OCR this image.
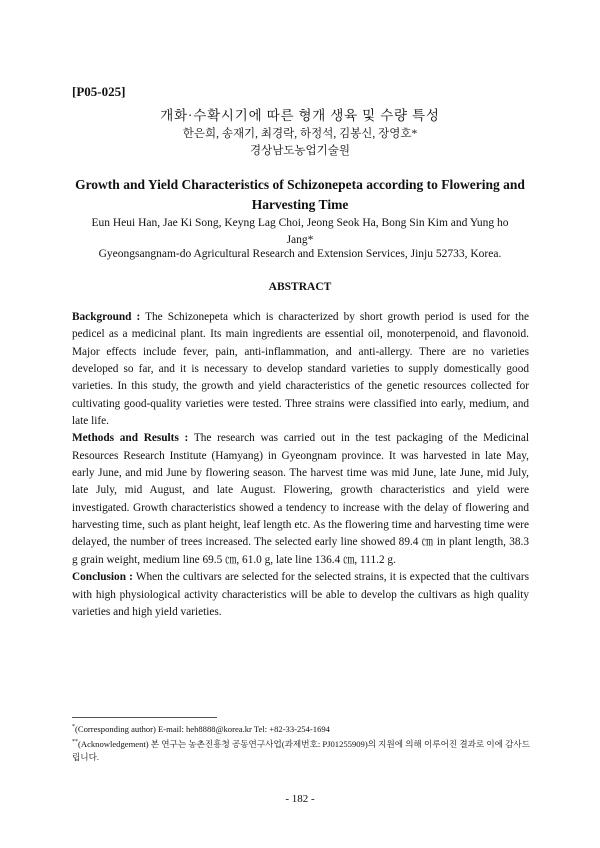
[P05-025]
개화·수확시기에 따른 형개 생육 및 수량 특성
한은희, 송재기, 최경락, 하정석, 김봉신, 장영호*
경상남도농업기술원
Growth and Yield Characteristics of Schizonepeta according to Flowering and Harvesting Time
Eun Heui Han, Jae Ki Song, Keyng Lag Choi, Jeong Seok Ha, Bong Sin Kim and Yung ho
Jang*
Gyeongsangnam-do Agricultural Research and Extension Services, Jinju 52733, Korea.
ABSTRACT

Background : The Schizonepeta which is characterized by short growth period is used for the pedicel as a medicinal plant. Its main ingredients are essential oil, monoterpenoid, and flavonoid. Major effects include fever, pain, anti-inflammation, and anti-allergy. There are no varieties developed so far, and it is necessary to develop standard varieties to supply domestically good varieties. In this study, the growth and yield characteristics of the genetic resources collected for cultivating good-quality varieties were tested. Three strains were classified into early, medium, and late life.

Methods and Results : The research was carried out in the test packaging of the Medicinal Resources Research Institute (Hamyang) in Gyeongnam province. It was harvested in late May, early June, and mid June by flowering season. The harvest time was mid June, late June, mid July, late July, mid August, and late August. Flowering, growth characteristics and yield were investigated. Growth characteristics showed a tendency to increase with the delay of flowering and harvesting time, such as plant height, leaf length etc. As the flowering time and harvesting time were delayed, the number of trees increased. The selected early line showed 89.4 ㎝ in plant length, 38.3 g grain weight, medium line 69.5 ㎝, 61.0 g, late line 136.4 ㎝, 111.2 g.

Conclusion : When the cultivars are selected for the selected strains, it is expected that the cultivars with high physiological activity characteristics will be able to develop the cultivars as high quality varieties and high yield varieties.

*(Corresponding author) E-mail: heh8888@korea.kr Tel: +82-33-254-1694
**(Acknowledgement) 본 연구는 농촌진흥청 공동연구사업(과제번호: PJ01255909)의 지원에 의해 이루어진 결과로 이에 감사드립니다.
- 182 -
